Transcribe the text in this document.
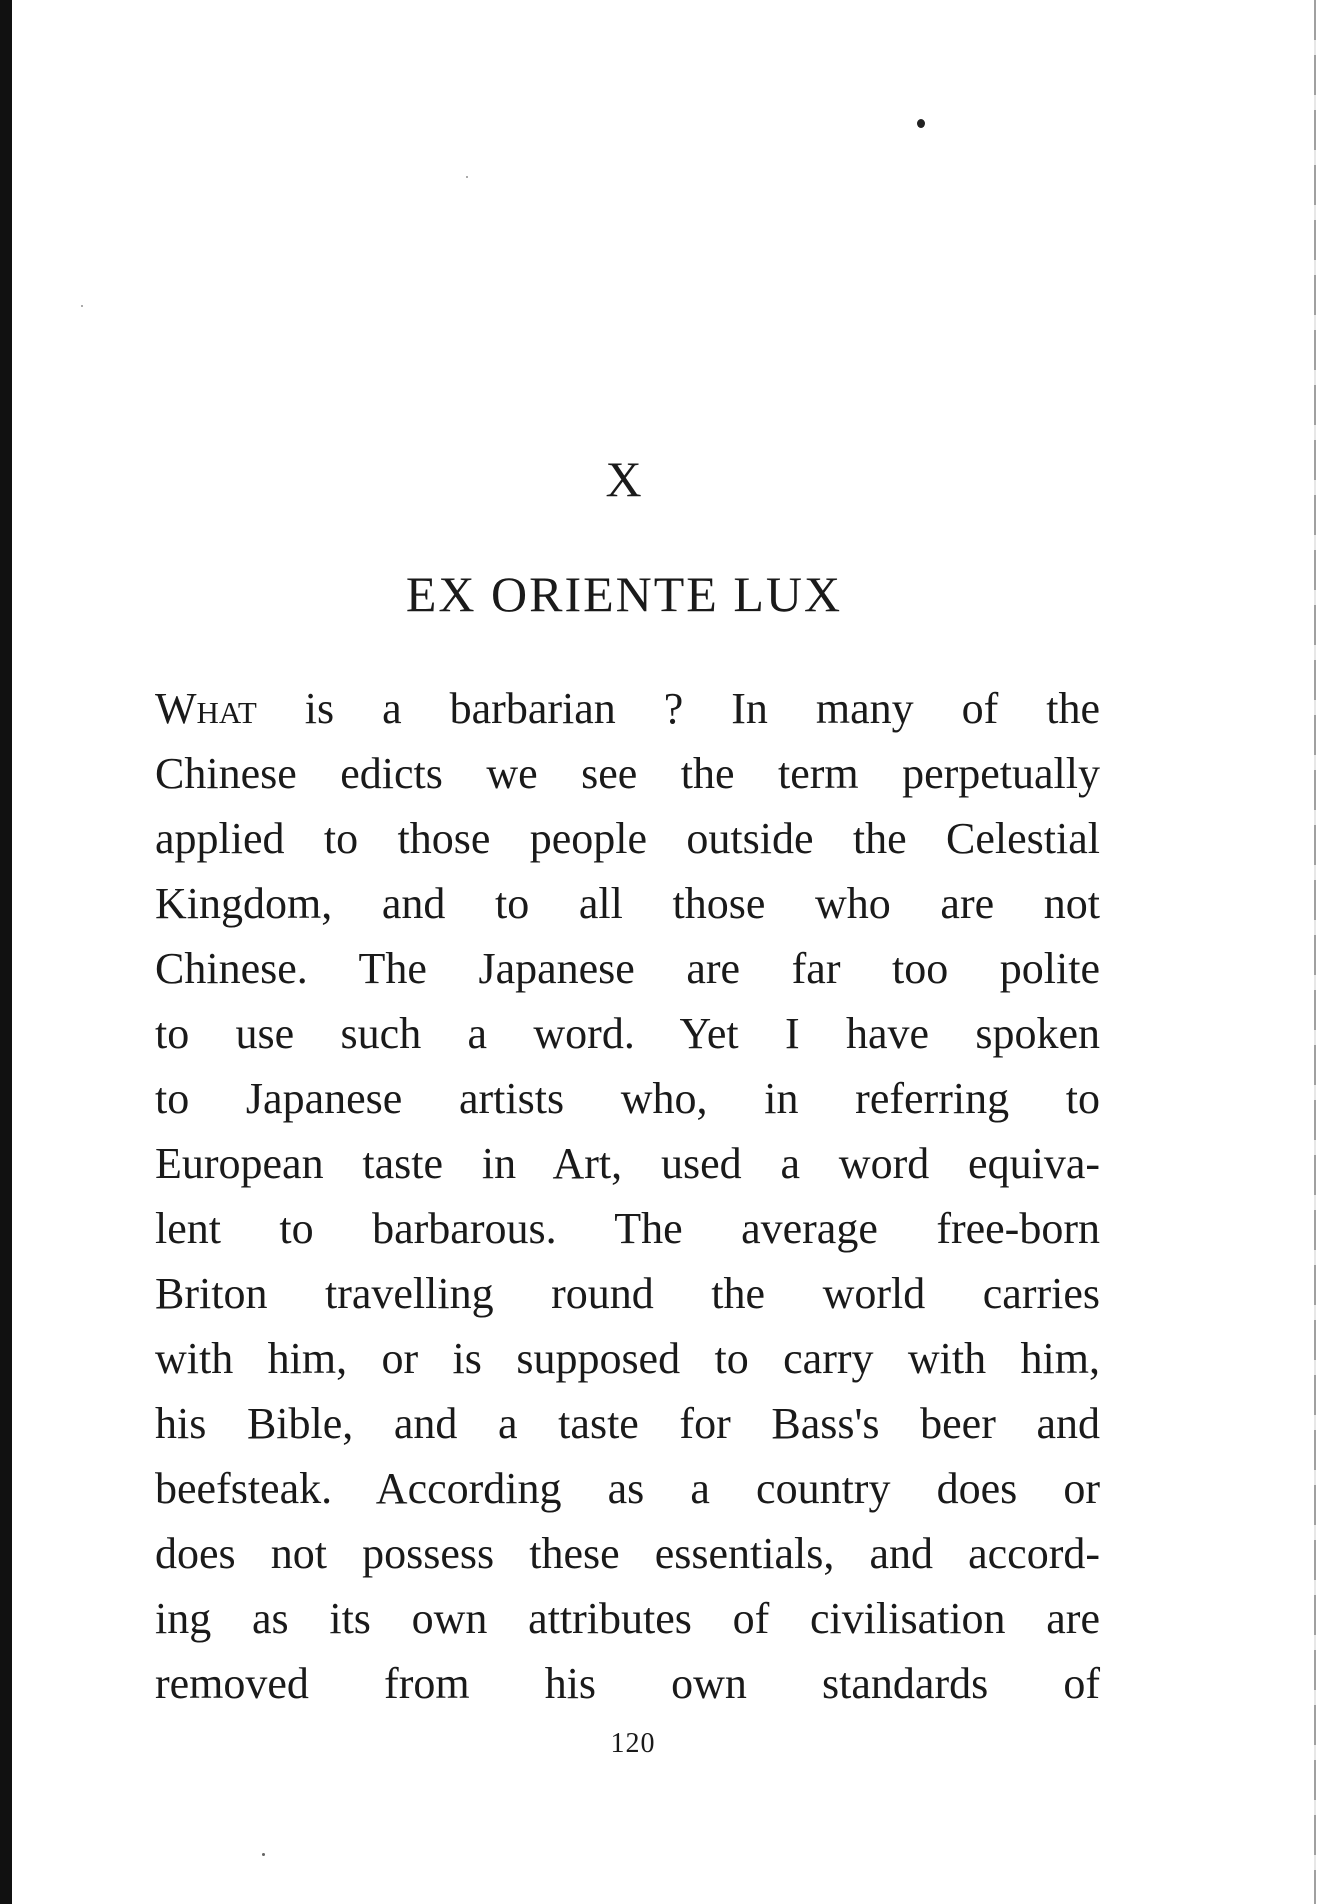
X
EX ORIENTE LUX
What is a barbarian ? In many of the
Chinese edicts we see the term perpetually
applied to those people outside the Celestial
Kingdom, and to all those who are not
Chinese. The Japanese are far too polite
to use such a word. Yet I have spoken
to Japanese artists who, in referring to
European taste in Art, used a word equiva-
lent to barbarous. The average free-born
Briton travelling round the world carries
with him, or is supposed to carry with him,
his Bible, and a taste for Bass's beer and
beefsteak. According as a country does or
does not possess these essentials, and accord-
ing as its own attributes of civilisation are
removed from his own standards of
120
